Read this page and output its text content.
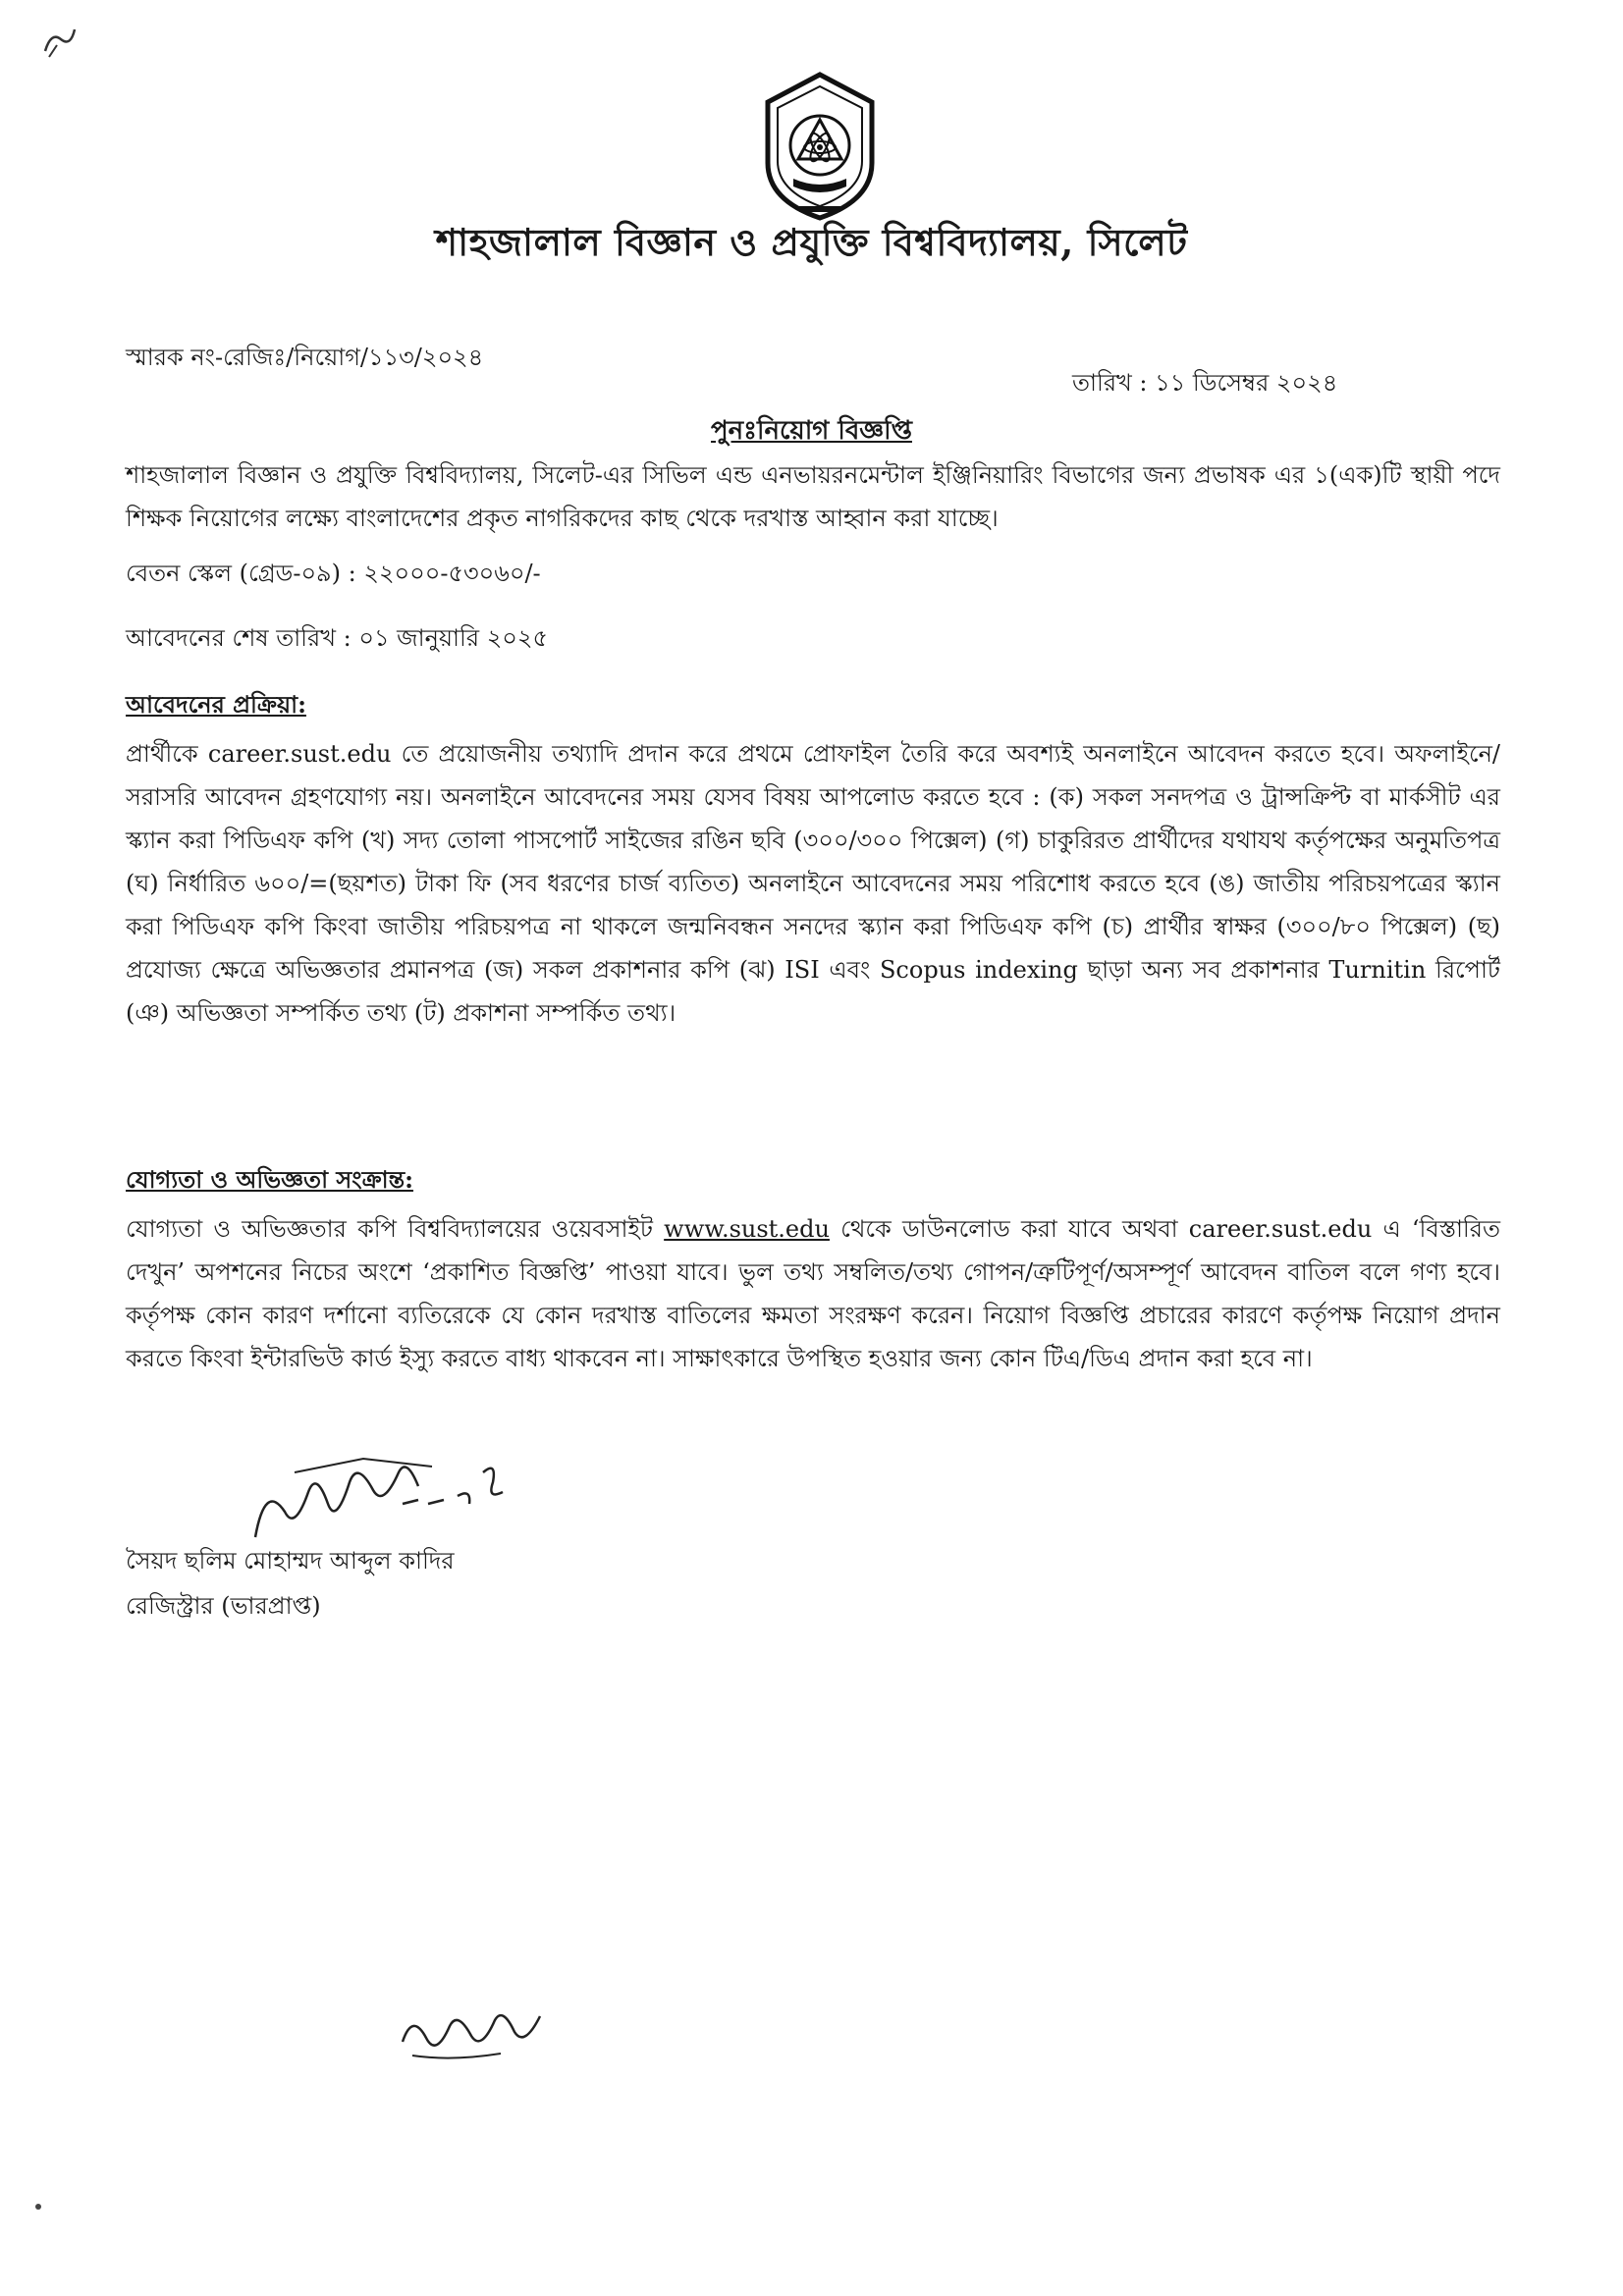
শাহজালাল বিজ্ঞান ও প্রযুক্তি বিশ্ববিদ্যালয়, সিলেট
স্মারক নং-রেজিঃ/নিয়োগ/১১৩/২০২৪
তারিখ : ১১ ডিসেম্বর ২০২৪
পুনঃনিয়োগ বিজ্ঞপ্তি
শাহজালাল বিজ্ঞান ও প্রযুক্তি বিশ্ববিদ্যালয়, সিলেট-এর সিভিল এন্ড এনভায়রনমেন্টাল ইঞ্জিনিয়ারিং বিভাগের জন্য প্রভাষক এর ১(এক)টি স্থায়ী পদে শিক্ষক নিয়োগের লক্ষ্যে বাংলাদেশের প্রকৃত নাগরিকদের কাছ থেকে দরখাস্ত আহ্বান করা যাচ্ছে।
বেতন স্কেল (গ্রেড-০৯) : ২২০০০-৫৩০৬০/-
আবেদনের শেষ তারিখ : ০১ জানুয়ারি ২০২৫
আবেদনের প্রক্রিয়া:
প্রার্থীকে career.sust.edu তে প্রয়োজনীয় তথ্যাদি প্রদান করে প্রথমে প্রোফাইল তৈরি করে অবশ্যই অনলাইনে আবেদন করতে হবে। অফলাইনে/সরাসরি আবেদন গ্রহণযোগ্য নয়। অনলাইনে আবেদনের সময় যেসব বিষয় আপলোড করতে হবে : (ক) সকল সনদপত্র ও ট্রান্সক্রিপ্ট বা মার্কসীট এর স্ক্যান করা পিডিএফ কপি (খ) সদ্য তোলা পাসপোর্ট সাইজের রঙিন ছবি (৩০০/৩০০ পিক্সেল) (গ) চাকুরিরত প্রার্থীদের যথাযথ কর্তৃপক্ষের অনুমতিপত্র (ঘ) নির্ধারিত ৬০০/=(ছয়শত) টাকা ফি (সব ধরণের চার্জ ব্যতিত) অনলাইনে আবেদনের সময় পরিশোধ করতে হবে (ঙ) জাতীয় পরিচয়পত্রের স্ক্যান করা পিডিএফ কপি কিংবা জাতীয় পরিচয়পত্র না থাকলে জন্মনিবন্ধন সনদের স্ক্যান করা পিডিএফ কপি (চ) প্রার্থীর স্বাক্ষর (৩০০/৮০ পিক্সেল) (ছ) প্রযোজ্য ক্ষেত্রে অভিজ্ঞতার প্রমানপত্র (জ) সকল প্রকাশনার কপি (ঝ) ISI এবং Scopus indexing ছাড়া অন্য সব প্রকাশনার Turnitin রিপোর্ট (ঞ) অভিজ্ঞতা সম্পর্কিত তথ্য (ট) প্রকাশনা সম্পর্কিত তথ্য।
যোগ্যতা ও অভিজ্ঞতা সংক্রান্ত:
যোগ্যতা ও অভিজ্ঞতার কপি বিশ্ববিদ্যালয়ের ওয়েবসাইট www.sust.edu থেকে ডাউনলোড করা যাবে অথবা career.sust.edu এ ‘বিস্তারিত দেখুন’ অপশনের নিচের অংশে ‘প্রকাশিত বিজ্ঞপ্তি’ পাওয়া যাবে। ভুল তথ্য সম্বলিত/তথ্য গোপন/ত্রুটিপূর্ণ/অসম্পূর্ণ আবেদন বাতিল বলে গণ্য হবে। কর্তৃপক্ষ কোন কারণ দর্শানো ব্যতিরেকে যে কোন দরখাস্ত বাতিলের ক্ষমতা সংরক্ষণ করেন। নিয়োগ বিজ্ঞপ্তি প্রচারের কারণে কর্তৃপক্ষ নিয়োগ প্রদান করতে কিংবা ইন্টারভিউ কার্ড ইস্যু করতে বাধ্য থাকবেন না। সাক্ষাৎকারে উপস্থিত হওয়ার জন্য কোন টিএ/ডিএ প্রদান করা হবে না।
সৈয়দ ছলিম মোহাম্মদ আব্দুল কাদির
রেজিস্ট্রার (ভারপ্রাপ্ত)
